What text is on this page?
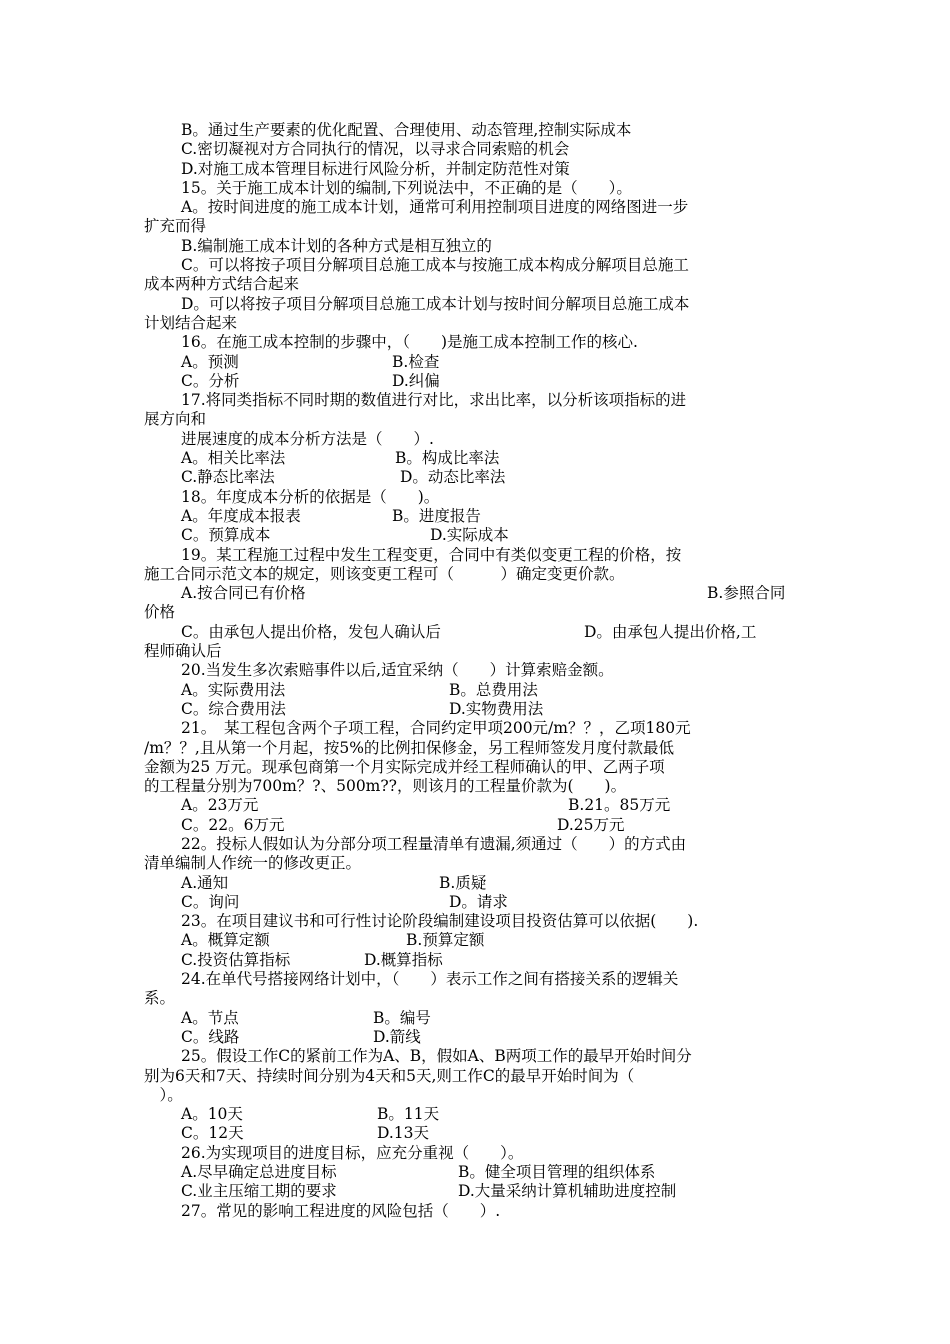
B。通过生产要素的优化配置、合理使用、动态管理,控制实际成本
C.密切凝视对方合同执行的情况，以寻求合同索赔的机会
D.对施工成本管理目标进行风险分析，并制定防范性对策
15。关于施工成本计划的编制,下列说法中，不正确的是（　　）。
A。按时间进度的施工成本计划，通常可利用控制项目进度的网络图进一步
扩充而得
B.编制施工成本计划的各种方式是相互独立的
C。可以将按子项目分解项目总施工成本与按施工成本构成分解项目总施工
成本两种方式结合起来
D。可以将按子项目分解项目总施工成本计划与按时间分解项目总施工成本
计划结合起来
16。在施工成本控制的步骤中，（　　)是施工成本控制工作的核心.
A。预测	B.检查
C。分析	D.纠偏
17.将同类指标不同时期的数值进行对比，求出比率，以分析该项指标的进
展方向和
进展速度的成本分析方法是（　　）.
A。相关比率法	B。构成比率法
C.静态比率法	D。动态比率法
18。年度成本分析的依据是（　　)。
A。年度成本报表	B。进度报告
C。预算成本	D.实际成本
19。某工程施工过程中发生工程变更，合同中有类似变更工程的价格，按
施工合同示范文本的规定，则该变更工程可（　　　）确定变更价款。
A.按合同已有价格	B.参照合同
价格
C。由承包人提出价格，发包人确认后	D。由承包人提出价格,工
程师确认后
20.当发生多次索赔事件以后,适宜采纳（　　）计算索赔金额。
A。实际费用法	B。总费用法
C。综合费用法	D.实物费用法
21。　某工程包含两个子项工程，合同约定甲项200元/m？？，乙项180元
/m？？,且从第一个月起，按5%的比例扣保修金，另工程师签发月度付款最低
金额为25 万元。现承包商第一个月实际完成并经工程师确认的甲、乙两子项
的工程量分别为700m？?、500m??，则该月的工程量价款为(　　)。
A。23万元	B.21。85万元
C。22。6万元	D.25万元
22。投标人假如认为分部分项工程量清单有遗漏,须通过（　　）的方式由
清单编制人作统一的修改更正。
A.通知	B.质疑
C。询问	D。请求
23。在项目建议书和可行性讨论阶段编制建设项目投资估算可以依据(　　).
A。概算定额	B.预算定额
C.投资估算指标	D.概算指标
24.在单代号搭接网络计划中，（　　）表示工作之间有搭接关系的逻辑关
系。
A。节点	B。编号
C。线路	D.箭线
25。假设工作C的紧前工作为A、B，假如A、B两项工作的最早开始时间分
别为6天和7天、持续时间分别为4天和5天,则工作C的最早开始时间为（
　）。
A。10天	B。11天
C。12天	D.13天
26.为实现项目的进度目标，应充分重视（　　）。
A.尽早确定总进度目标	B。健全项目管理的组织体系
C.业主压缩工期的要求	D.大量采纳计算机辅助进度控制
27。常见的影响工程进度的风险包括（　　）.
